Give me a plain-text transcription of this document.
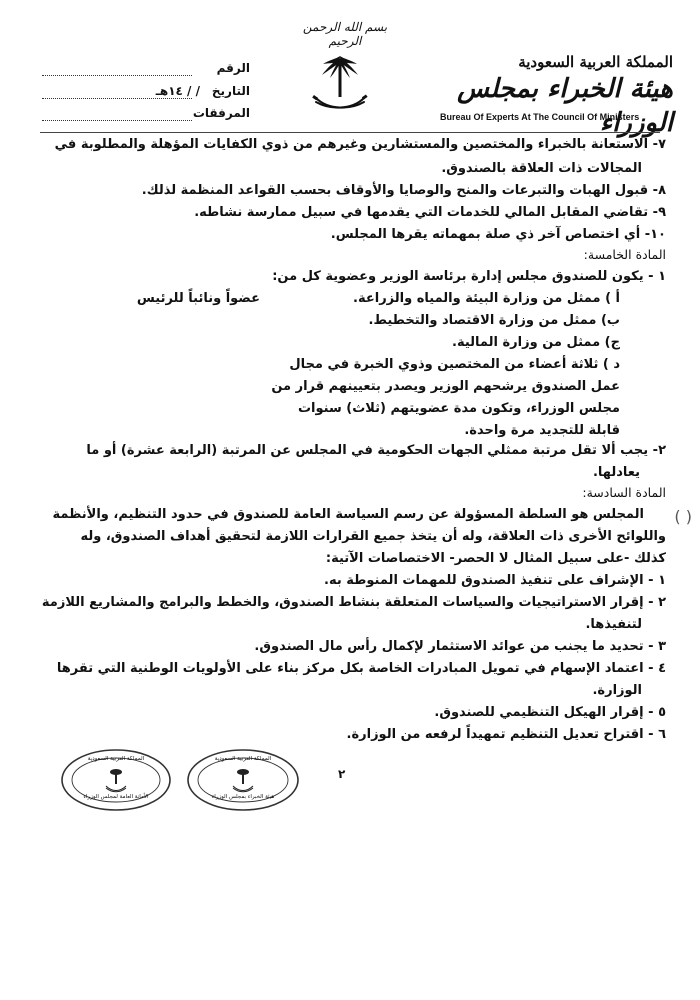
بسم الله الرحمن الرحيم
المملكة العربية السعودية
هيئة الخبراء بمجلس الوزراء
Bureau Of Experts At The Council Of Ministers
الرقم
التاريخ
/ / ١٤هـ
المرفقات
٧- الاستعانة بالخبراء والمختصين والمستشارين وغيرهم من ذوي الكفايات المؤهلة والمطلوبة في
المجالات ذات العلاقة بالصندوق.
٨- قبول الهبات والتبرعات والمنح والوصايا والأوقاف بحسب القواعد المنظمة لذلك.
٩- تقاضي المقابل المالي للخدمات التي يقدمها في سبيل ممارسة نشاطه.
١٠- أي اختصاص آخر ذي صلة بمهماته يقرها المجلس.
المادة الخامسة:
١ - يكون للصندوق مجلس إدارة برئاسة الوزير وعضوية كل من:
أ ) ممثل من وزارة البيئة والمياه والزراعة.
عضواً ونائباً للرئيس
ب) ممثل من وزارة الاقتصاد والتخطيط.
ج) ممثل من وزارة المالية.
د ) ثلاثة أعضاء من المختصين وذوي الخبرة في مجال
عمل الصندوق يرشحهم الوزير ويصدر بتعيينهم قرار من
مجلس الوزراء، وتكون مدة عضويتهم (ثلاث) سنوات
قابلة للتجديد مرة واحدة.
٢- يجب ألا تقل مرتبة ممثلي الجهات الحكومية في المجلس عن المرتبة (الرابعة عشرة) أو ما
يعادلها.
المادة السادسة:
المجلس هو السلطة المسؤولة عن رسم السياسة العامة للصندوق في حدود التنظيم، والأنظمة
واللوائح الأخرى ذات العلاقة، وله أن يتخذ جميع القرارات اللازمة لتحقيق أهداف الصندوق، وله
كذلك -على سبيل المثال لا الحصر- الاختصاصات الآتية:
١ - الإشراف على تنفيذ الصندوق للمهمات المنوطة به.
٢ - إقرار الاستراتيجيات والسياسات المتعلقة بنشاط الصندوق، والخطط والبرامج والمشاريع اللازمة
لتنفيذها.
٣ - تحديد ما يجنب من عوائد الاستثمار لإكمال رأس مال الصندوق.
٤ - اعتماد الإسهام في تمويل المبادرات الخاصة بكل مركز بناء على الأولويات الوطنية التي تقرها
الوزارة.
٥ - إقرار الهيكل التنظيمي للصندوق.
٦ - اقتراح تعديل التنظيم تمهيداً لرفعه من الوزارة.
( )
٢
المملكة العربية السعودية
الأمانة العامة لمجلس الوزراء
المملكة العربية السعودية
هيئة الخبراء بمجلس الوزراء
